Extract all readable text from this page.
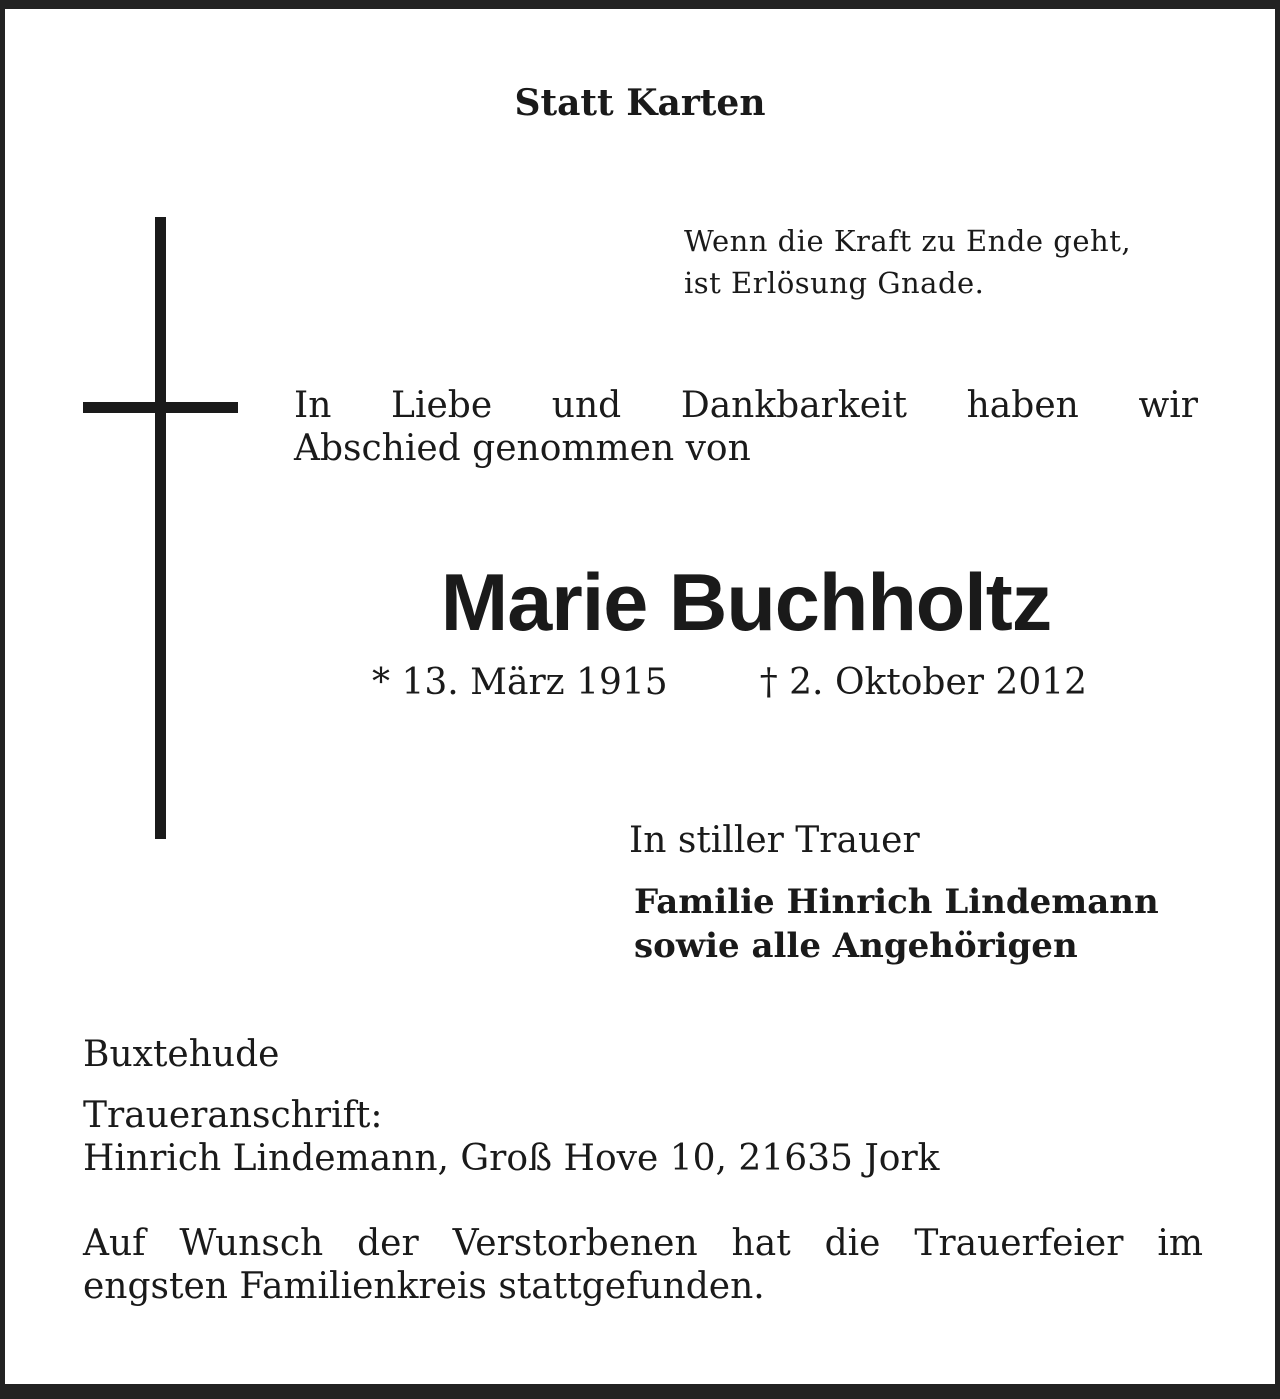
Statt Karten

Wenn die Kraft zu Ende geht,
ist Erlösung Gnade.

In Liebe und Dankbarkeit haben wir
Abschied genommen von

Marie Buchholtz

* 13. März 1915	† 2. Oktober 2012

In stiller Trauer

Familie Hinrich Lindemann
sowie alle Angehörigen

Buxtehude

Traueranschrift:
Hinrich Lindemann, Groß Hove 10, 21635 Jork

Auf Wunsch der Verstorbenen hat die Trauerfeier im
engsten Familienkreis stattgefunden.
